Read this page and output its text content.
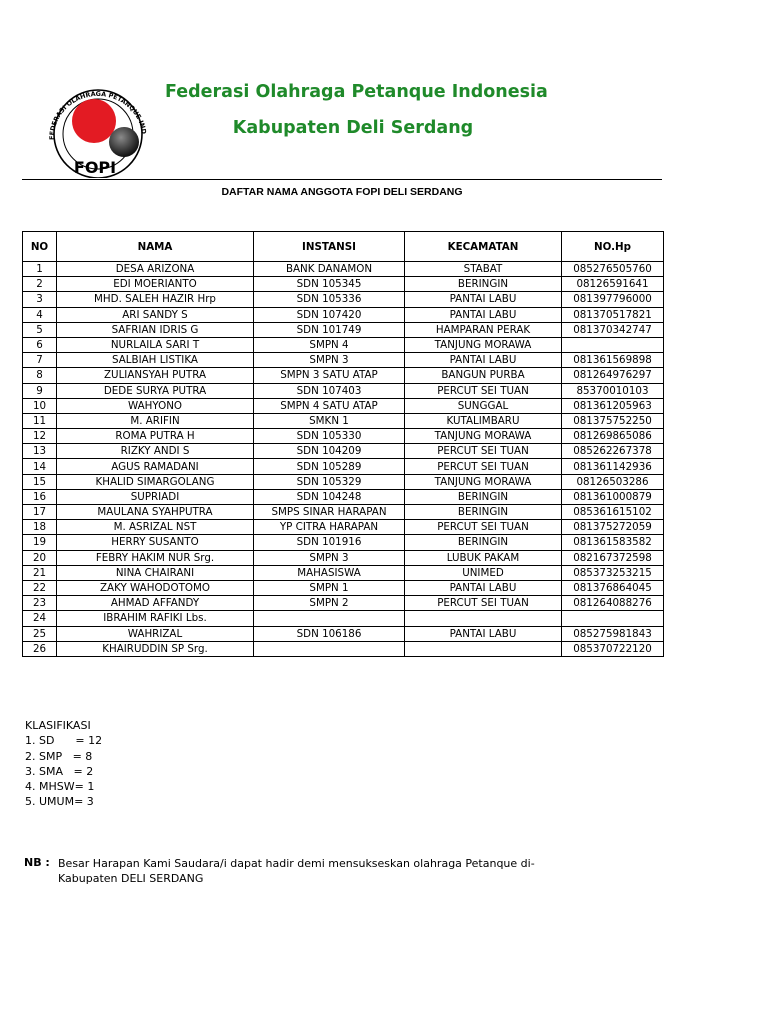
FEDERASI OLAHRAGA PETANQUE IND
FOPI
Federasi Olahraga Petanque Indonesia
Kabupaten Deli Serdang
DAFTAR NAMA ANGGOTA FOPI DELI SERDANG
NO	NAMA	INSTANSI	KECAMATAN	NO.Hp
1	DESA ARIZONA	BANK DANAMON	STABAT	085276505760
2	EDI MOERIANTO	SDN 105345	BERINGIN	08126591641
3	MHD. SALEH HAZIR Hrp	SDN 105336	PANTAI LABU	081397796000
4	ARI SANDY S	SDN 107420	PANTAI LABU	081370517821
5	SAFRIAN IDRIS G	SDN 101749	HAMPARAN PERAK	081370342747
6	NURLAILA SARI T	SMPN 4	TANJUNG MORAWA	
7	SALBIAH LISTIKA	SMPN 3	PANTAI LABU	081361569898
8	ZULIANSYAH PUTRA	SMPN 3 SATU ATAP	BANGUN PURBA	081264976297
9	DEDE SURYA PUTRA	SDN 107403	PERCUT SEI TUAN	85370010103
10	WAHYONO	SMPN 4 SATU ATAP	SUNGGAL	081361205963
11	M. ARIFIN	SMKN 1	KUTALIMBARU	081375752250
12	ROMA PUTRA H	SDN 105330	TANJUNG MORAWA	081269865086
13	RIZKY ANDI S	SDN 104209	PERCUT SEI TUAN	085262267378
14	AGUS RAMADANI	SDN 105289	PERCUT SEI TUAN	081361142936
15	KHALID SIMARGOLANG	SDN 105329	TANJUNG MORAWA	08126503286
16	SUPRIADI	SDN 104248	BERINGIN	081361000879
17	MAULANA SYAHPUTRA	SMPS SINAR HARAPAN	BERINGIN	085361615102
18	M. ASRIZAL NST	YP CITRA HARAPAN	PERCUT SEI TUAN	081375272059
19	HERRY SUSANTO	SDN 101916	BERINGIN	081361583582
20	FEBRY HAKIM NUR Srg.	SMPN 3	LUBUK PAKAM	082167372598
21	NINA CHAIRANI	MAHASISWA	UNIMED	085373253215
22	ZAKY WAHODOTOMO	SMPN 1	PANTAI LABU	081376864045
23	AHMAD AFFANDY	SMPN 2	PERCUT SEI TUAN	081264088276
24	IBRAHIM RAFIKI Lbs.			
25	WAHRIZAL	SDN 106186	PANTAI LABU	085275981843
26	KHAIRUDDIN SP Srg.			085370722120
KLASIFIKASI
1. SD      = 12
2. SMP   = 8
3. SMA   = 2
4. MHSW= 1
5. UMUM= 3
NB : Besar Harapan Kami Saudara/i dapat hadir demi mensukseskan olahraga Petanque di-Kabupaten DELI SERDANG
